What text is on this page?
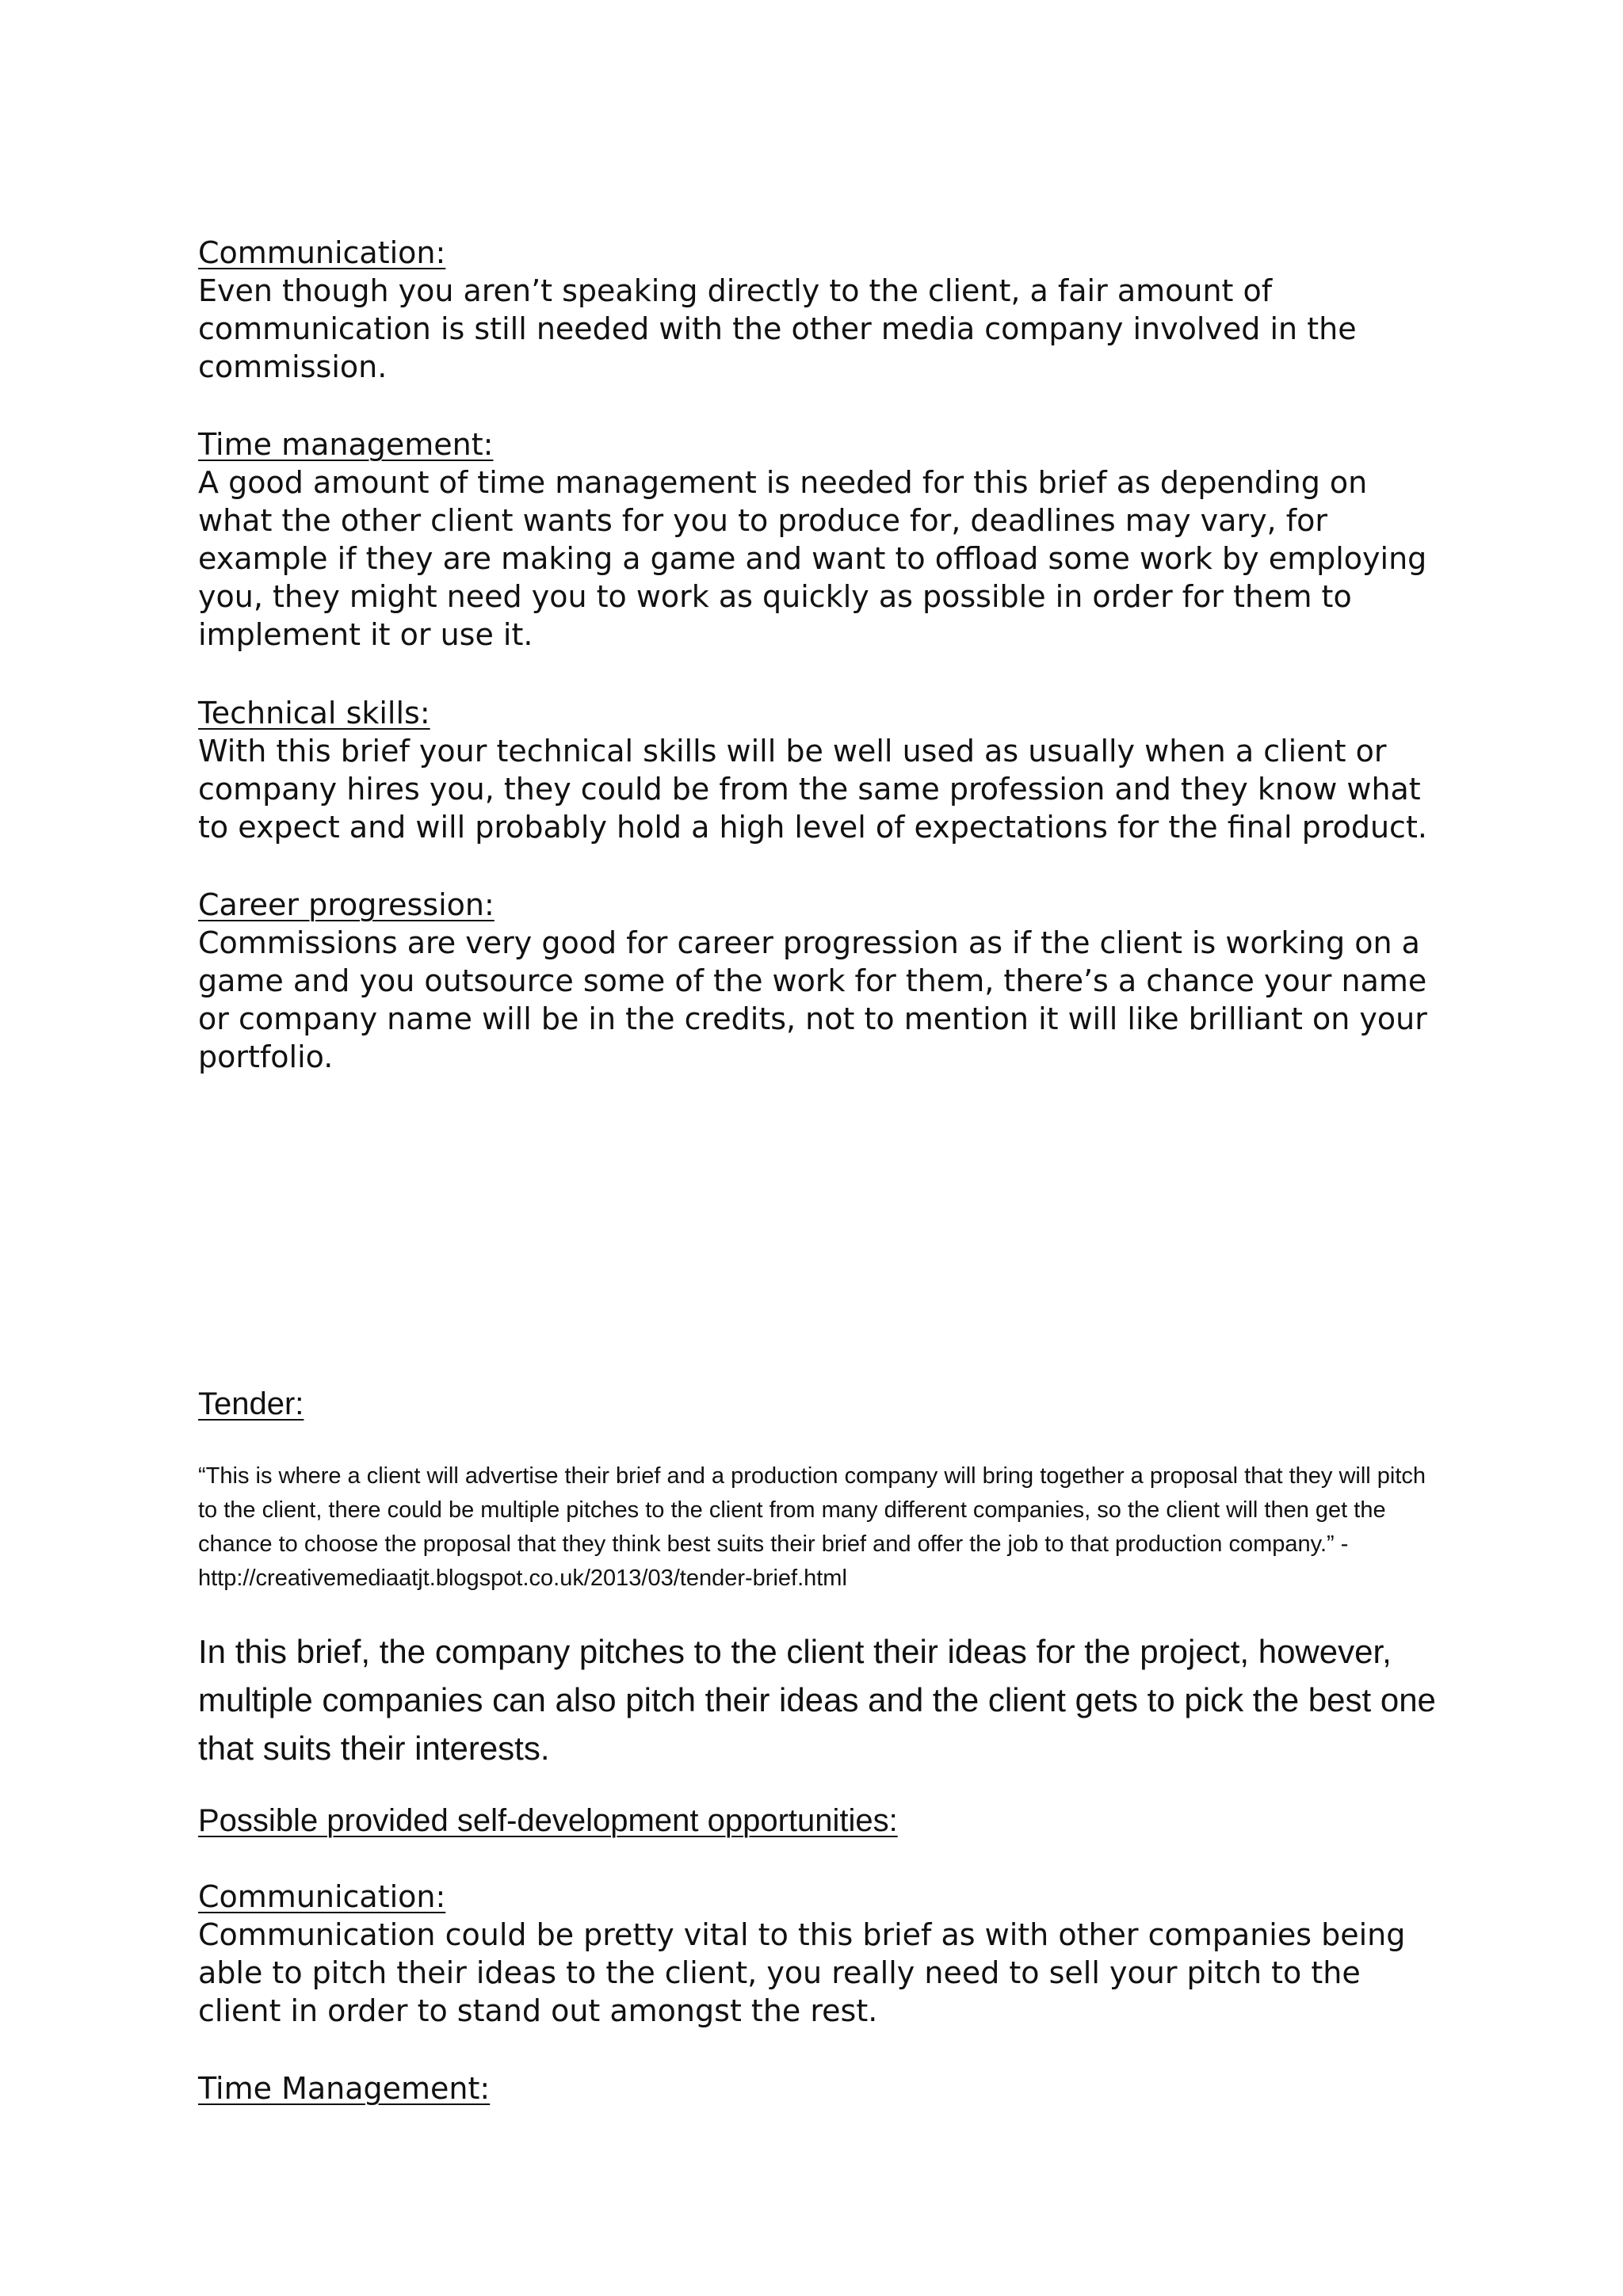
Communication:

Even though you aren’t speaking directly to the client, a fair amount of communication is still needed with the other media company involved in the commission.

Time management:

A good amount of time management is needed for this brief as depending on what the other client wants for you to produce for, deadlines may vary, for example if they are making a game and want to offload some work by employing you, they might need you to work as quickly as possible in order for them to implement it or use it.

Technical skills:

With this brief your technical skills will be well used as usually when a client or company hires you, they could be from the same profession and they know what to expect and will probably hold a high level of expectations for the final product.

Career progression:

Commissions are very good for career progression as if the client is working on a game and you outsource some of the work for them, there’s a chance your name or company name will be in the credits, not to mention it will like brilliant on your portfolio.

Tender:

“This is where a client will advertise their brief and a production company will bring together a proposal that they will pitch to the client, there could be multiple pitches to the client from many different companies, so the client will then get the chance to choose the proposal that they think best suits their brief and offer the job to that production company.” - http://creativemediaatjt.blogspot.co.uk/2013/03/tender-brief.html

In this brief, the company pitches to the client their ideas for the project, however, multiple companies can also pitch their ideas and the client gets to pick the best one that suits their interests.

Possible provided self-development opportunities:

Communication:

Communication could be pretty vital to this brief as with other companies being able to pitch their ideas to the client, you really need to sell your pitch to the client in order to stand out amongst the rest.

Time Management:
